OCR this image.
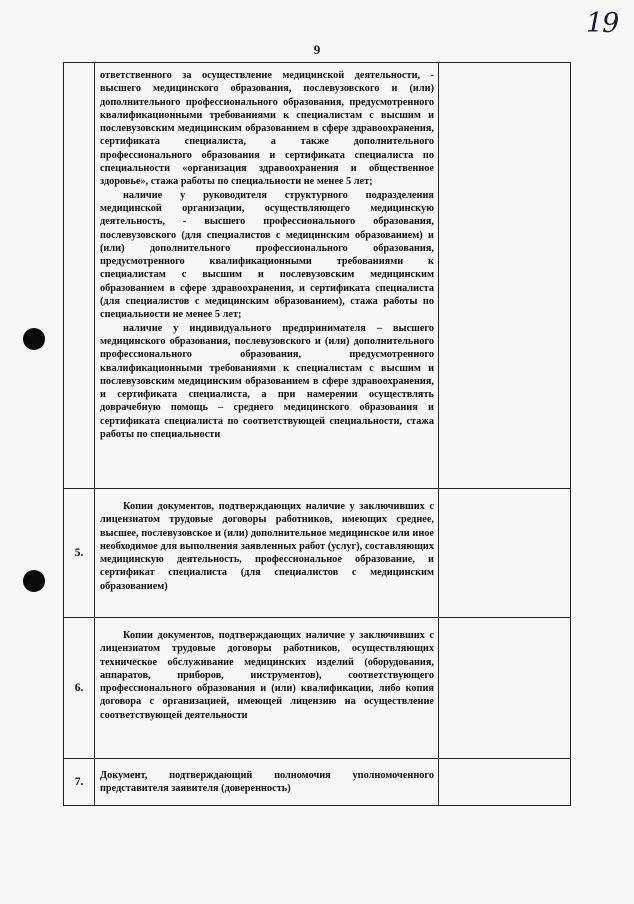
19
9

	ответственного за осуществление медицинской деятельности, - высшего медицинского образования, послевузовского и (или) дополнительного профессионального образования, предусмотренного квалификационными требованиями к специалистам с высшим и послевузовским медицинским образованием в сфере здравоохранения, сертификата специалиста, а также дополнительного профессионального образования и сертификата специалиста по специальности «организация здравоохранения и общественное здоровье», стажа работы по специальности не менее 5 лет;

наличие у руководителя структурного подразделения медицинской организации, осуществляющего медицинскую деятельность, - высшего профессионального образования, послевузовского (для специалистов с медицинским образованием) и (или) дополнительного профессионального образования, предусмотренного квалификационными требованиями к специалистам с высшим и послевузовским медицинским образованием в сфере здравоохранения, и сертификата специалиста (для специалистов с медицинским образованием), стажа работы по специальности не менее 5 лет;

наличие у индивидуального предпринимателя – высшего медицинского образования, послевузовского и (или) дополнительного профессионального образования, предусмотренного квалификационными требованиями к специалистам с высшим и послевузовским медицинским образованием в сфере здравоохранения, и сертификата специалиста, а при намерении осуществлять доврачебную помощь – среднего медицинского образования и сертификата специалиста по соответствующей специальности, стажа работы по специальности	

5.	Копии документов, подтверждающих наличие у заключивших с лицензиатом трудовые договоры работников, имеющих среднее, высшее, послевузовское и (или) дополнительное медицинское или иное необходимое для выполнения заявленных работ (услуг), составляющих медицинскую деятельность, профессиональное образование, и сертификат специалиста (для специалистов с медицинским образованием)	

6.	Копии документов, подтверждающих наличие у заключивших с лицензиатом трудовые договоры работников, осуществляющих техническое обслуживание медицинских изделий (оборудования, аппаратов, приборов, инструментов), соответствующего профессионального образования и (или) квалификации, либо копия договора с организацией, имеющей лицензию на осуществление соответствующей деятельности	

7.	Документ, подтверждающий полномочия уполномоченного представителя заявителя (доверенность)	
